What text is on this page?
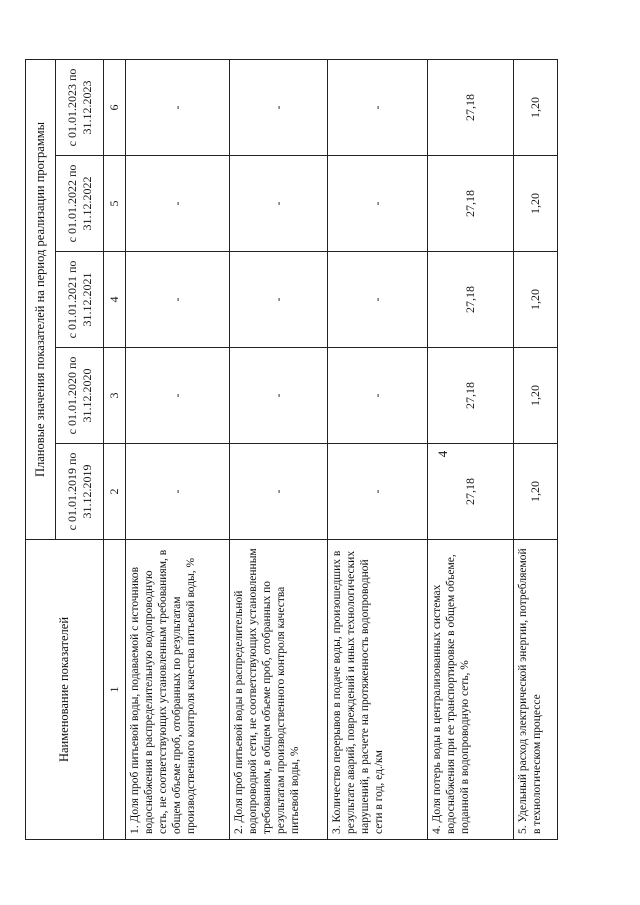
4
Наименование показателей	Плановые значения показателей на период реализации программы				
	с 01.01.2019 по 31.12.2019	с 01.01.2020 по 31.12.2020	с 01.01.2021 по 31.12.2021	с 01.01.2022 по 31.12.2022	с 01.01.2023 по 31.12.2023
1	2	3	4	5	6
1. Доля проб питьевой воды, подаваемой с источников водоснабжения в распределительную водопроводную сеть, не соответствующих установленным требованиям, в общем объеме проб, отобранных по результатам производственного контроля качества питьевой воды, %	-	-	-	-	-
2. Доля проб питьевой воды в распределительной водопроводной сети, не соответствующих установленным требованиям, в общем объеме проб, отобранных по результатам производственного контроля качества питьевой воды, %	-	-	-	-	-
3. Количество перерывов в подаче воды, произошедших в результате аварий, повреждений и иных технологических нарушений, в расчете на протяженность водопроводной сети в год, ед./км	-	-	-	-	-
4. Доля потерь воды в централизованных системах водоснабжения при ее транспортировке в общем объеме, поданной в водопроводную сеть, %	27,18	27,18	27,18	27,18	27,18
5. Удельный расход электрической энергии, потребляемой в технологическом процессе	1,20	1,20	1,20	1,20	1,20
